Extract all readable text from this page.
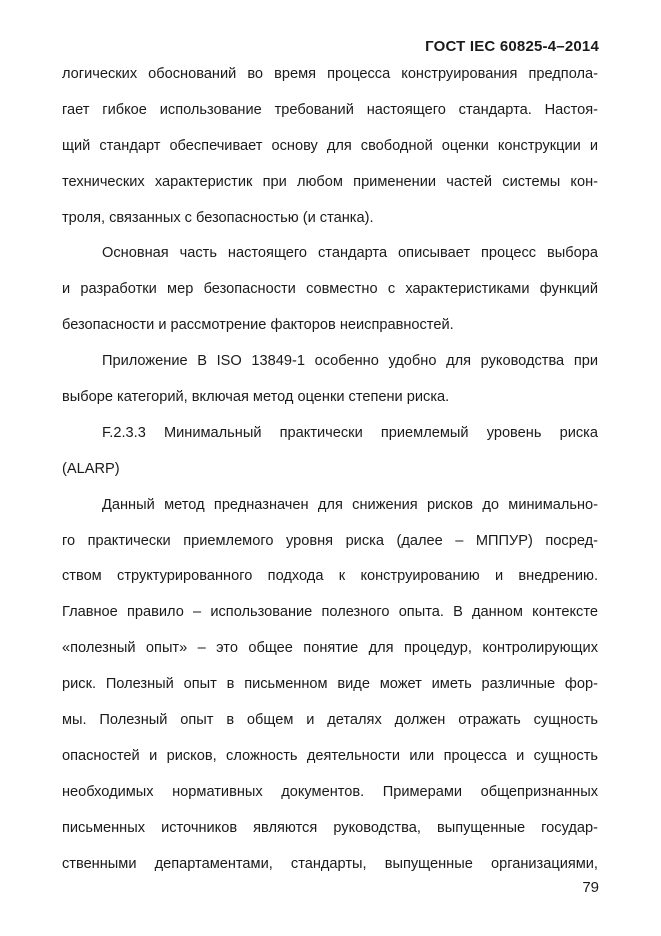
ГОСТ IEC 60825-4–2014
логических обоснований во время процесса конструирования предпола-
гает гибкое использование требований настоящего стандарта. Настоя-
щий стандарт обеспечивает основу для свободной оценки конструкции и
технических характеристик при любом применении частей системы кон-
троля, связанных с безопасностью (и станка).
Основная часть настоящего стандарта описывает процесс выбора
и разработки мер безопасности совместно с характеристиками функций
безопасности и рассмотрение факторов неисправностей.
Приложение В ISO 13849-1 особенно удобно для руководства при
выборе категорий, включая метод оценки степени риска.
F.2.3.3 Минимальный практически приемлемый уровень риска
(ALARP)
Данный метод предназначен для снижения рисков до минимально-
го практически приемлемого уровня риска (далее – МППУР) посред-
ством структурированного подхода к конструированию и внедрению.
Главное правило – использование полезного опыта. В данном контексте
«полезный опыт» – это общее понятие для процедур, контролирующих
риск. Полезный опыт в письменном виде может иметь различные фор-
мы. Полезный опыт в общем и деталях должен отражать сущность
опасностей и рисков, сложность деятельности или процесса и сущность
необходимых нормативных документов. Примерами общепризнанных
письменных источников являются руководства, выпущенные государ-
ственными департаментами, стандарты, выпущенные организациями,
79
